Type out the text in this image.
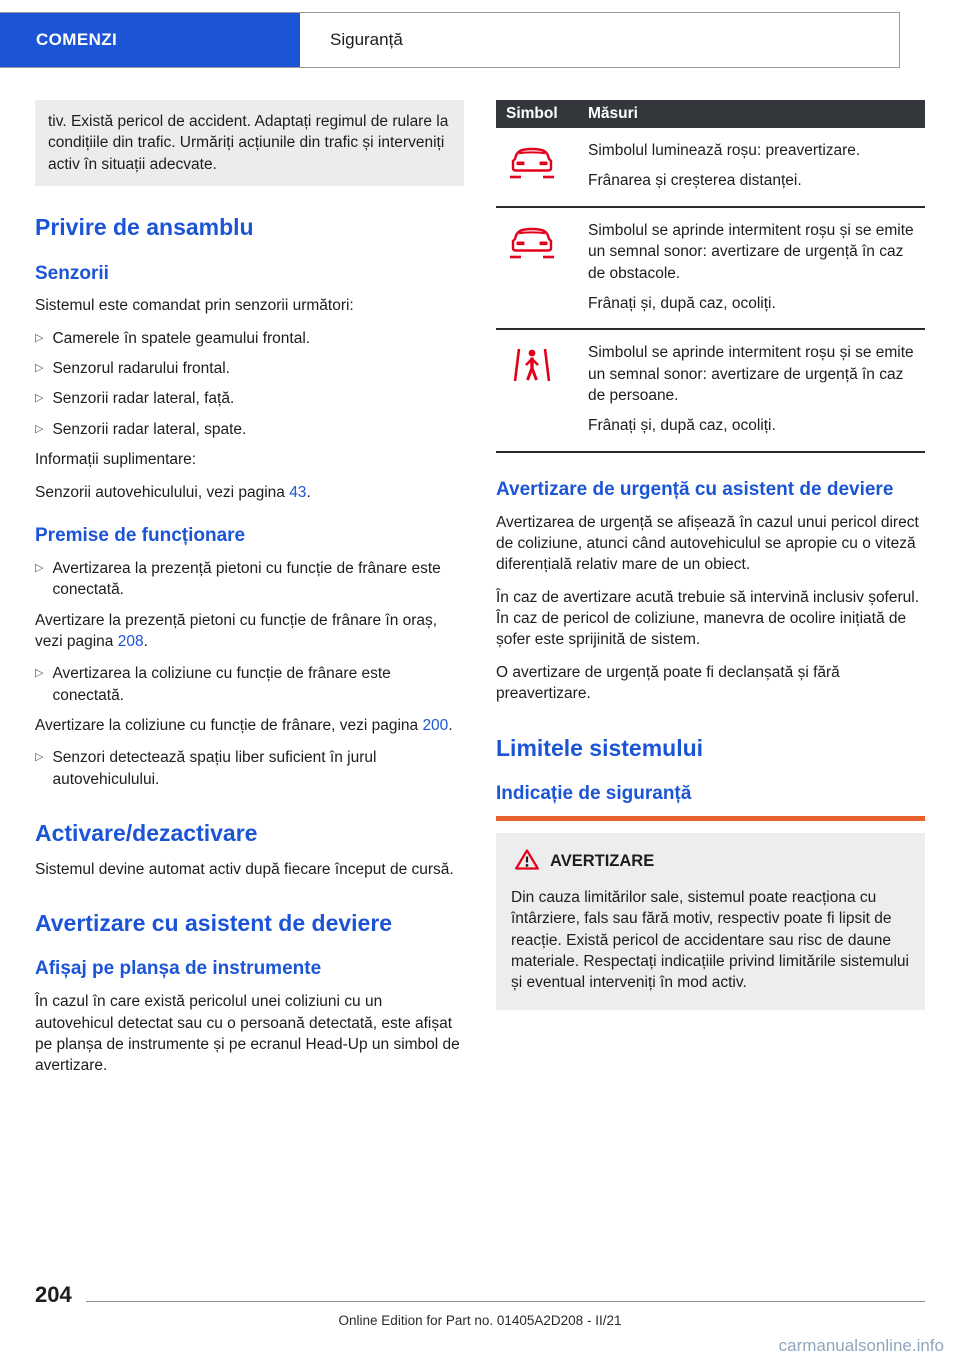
COMENZI	Siguranță
tiv. Există pericol de accident. Adaptați regimul de rulare la condițiile din trafic. Urmăriți acțiunile din trafic și interveniți activ în situații adecvate.
Privire de ansamblu
Senzorii

Sistemul este comandat prin senzorii următori:

▷ Camerele în spatele geamului frontal.
▷ Senzorul radarului frontal.
▷ Senzorii radar lateral, față.
▷ Senzorii radar lateral, spate.

Informații suplimentare:

Senzorii autovehiculului, vezi pagina 43.

Premise de funcționare
▷ Avertizarea la prezență pietoni cu funcție de frânare este conectată.

Avertizare la prezență pietoni cu funcție de frânare în oraș, vezi pagina 208.

▷ Avertizarea la coliziune cu funcție de frânare este conectată.

Avertizare la coliziune cu funcție de frânare, vezi pagina 200.

▷ Senzori detectează spațiu liber suficient în jurul autovehiculului.
Activare/dezactivare

Sistemul devine automat activ după fiecare început de cursă.

Avertizare cu asistent de deviere
Afișaj pe planșa de instrumente

În cazul în care există pericolul unei coliziuni cu un autovehicul detectat sau cu o persoană detectată, este afișat pe planșa de instrumente și pe ecranul Head-Up un simbol de avertizare.

Simbol	Măsuri

Simbolul luminează roșu: preavertizare.

Frânarea și creșterea distanței.

Simbolul se aprinde intermitent roșu și se emite un semnal sonor: avertizare de urgență în caz de obstacole.

Frânați și, după caz, ocoliți.

Simbolul se aprinde intermitent roșu și se emite un semnal sonor: avertizare de urgență în caz de persoane.

Frânați și, după caz, ocoliți.

Avertizare de urgență cu asistent de deviere

Avertizarea de urgență se afișează în cazul unui pericol direct de coliziune, atunci când autovehiculul se apropie cu o viteză diferențială relativ mare de un obiect.

În caz de avertizare acută trebuie să intervină inclusiv șoferul. În caz de pericol de coliziune, manevra de ocolire inițiată de șofer este sprijinită de sistem.

O avertizare de urgență poate fi declanșată și fără preavertizare.

Limitele sistemului
Indicație de siguranță
AVERTIZARE

Din cauza limitărilor sale, sistemul poate reacționa cu întârziere, fals sau fără motiv, respectiv poate fi lipsit de reacție. Există pericol de accidentare sau risc de daune materiale. Respectați indicațiile privind limitările sistemului și eventual interveniți în mod activ.

204
Online Edition for Part no. 01405A2D208 - II/21
carmanualsonline.info
